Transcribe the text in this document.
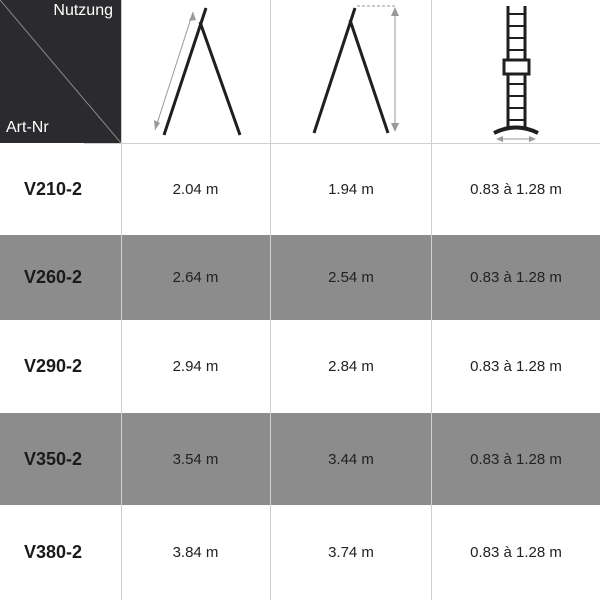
Nutzung
Art-Nr
V210-2	2.04 m	1.94 m	0.83 à 1.28 m
V260-2	2.64 m	2.54 m	0.83 à 1.28 m
V290-2	2.94 m	2.84 m	0.83 à 1.28 m
V350-2	3.54 m	3.44 m	0.83 à 1.28 m
V380-2	3.84 m	3.74 m	0.83 à 1.28 m
